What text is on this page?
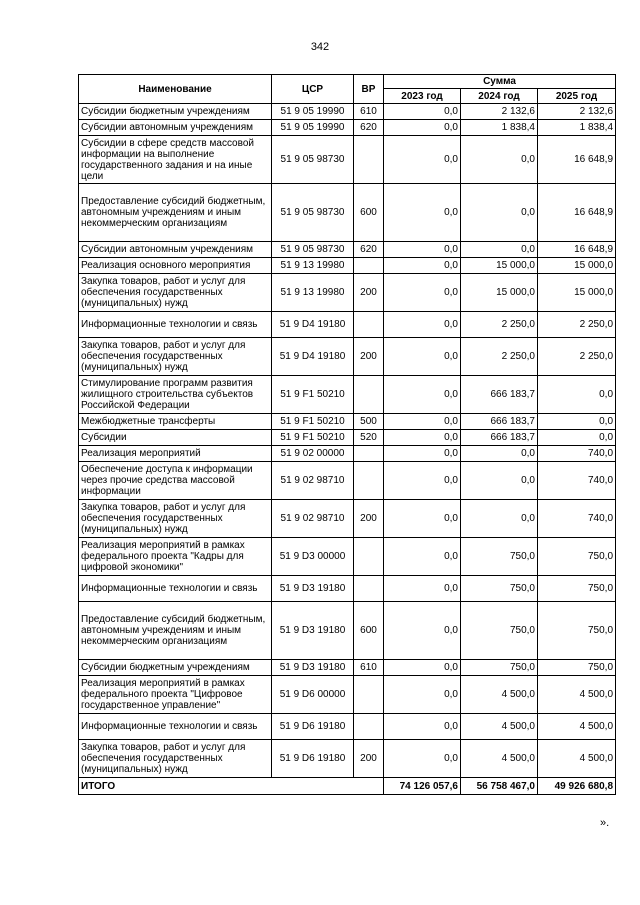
342
Наименование	ЦСР	ВР	Сумма		
			2023 год	2024 год	2025 год
Субсидии бюджетным учреждениям	51 9 05 19990	610	0,0	2 132,6	2 132,6
Субсидии автономным учреждениям	51 9 05 19990	620	0,0	1 838,4	1 838,4
Субсидии в сфере средств массовой информации на выполнение государственного задания и на иные цели	51 9 05 98730		0,0	0,0	16 648,9
Предоставление субсидий бюджетным, автономным учреждениям и иным некоммерческим организациям	51 9 05 98730	600	0,0	0,0	16 648,9
Субсидии автономным учреждениям	51 9 05 98730	620	0,0	0,0	16 648,9
Реализация основного мероприятия	51 9 13 19980		0,0	15 000,0	15 000,0
Закупка товаров, работ и услуг для обеспечения государственных (муниципальных) нужд	51 9 13 19980	200	0,0	15 000,0	15 000,0
Информационные технологии и связь	51 9 D4 19180		0,0	2 250,0	2 250,0
Закупка товаров, работ и услуг для обеспечения государственных (муниципальных) нужд	51 9 D4 19180	200	0,0	2 250,0	2 250,0
Стимулирование программ развития жилищного строительства субъектов Российской Федерации	51 9 F1 50210		0,0	666 183,7	0,0
Межбюджетные трансферты	51 9 F1 50210	500	0,0	666 183,7	0,0
Субсидии	51 9 F1 50210	520	0,0	666 183,7	0,0
Реализация мероприятий	51 9 02 00000		0,0	0,0	740,0
Обеспечение доступа к информации через прочие средства массовой информации	51 9 02 98710		0,0	0,0	740,0
Закупка товаров, работ и услуг для обеспечения государственных (муниципальных) нужд	51 9 02 98710	200	0,0	0,0	740,0
Реализация мероприятий в рамках федерального проекта "Кадры для цифровой экономики"	51 9 D3 00000		0,0	750,0	750,0
Информационные технологии и связь	51 9 D3 19180		0,0	750,0	750,0
Предоставление субсидий бюджетным, автономным учреждениям и иным некоммерческим организациям	51 9 D3 19180	600	0,0	750,0	750,0
Субсидии бюджетным учреждениям	51 9 D3 19180	610	0,0	750,0	750,0
Реализация мероприятий в рамках федерального проекта "Цифровое государственное управление"	51 9 D6 00000		0,0	4 500,0	4 500,0
Информационные технологии и связь	51 9 D6 19180		0,0	4 500,0	4 500,0
Закупка товаров, работ и услуг для обеспечения государственных (муниципальных) нужд	51 9 D6 19180	200	0,0	4 500,0	4 500,0
ИТОГО			74 126 057,6	56 758 467,0	49 926 680,8
».
